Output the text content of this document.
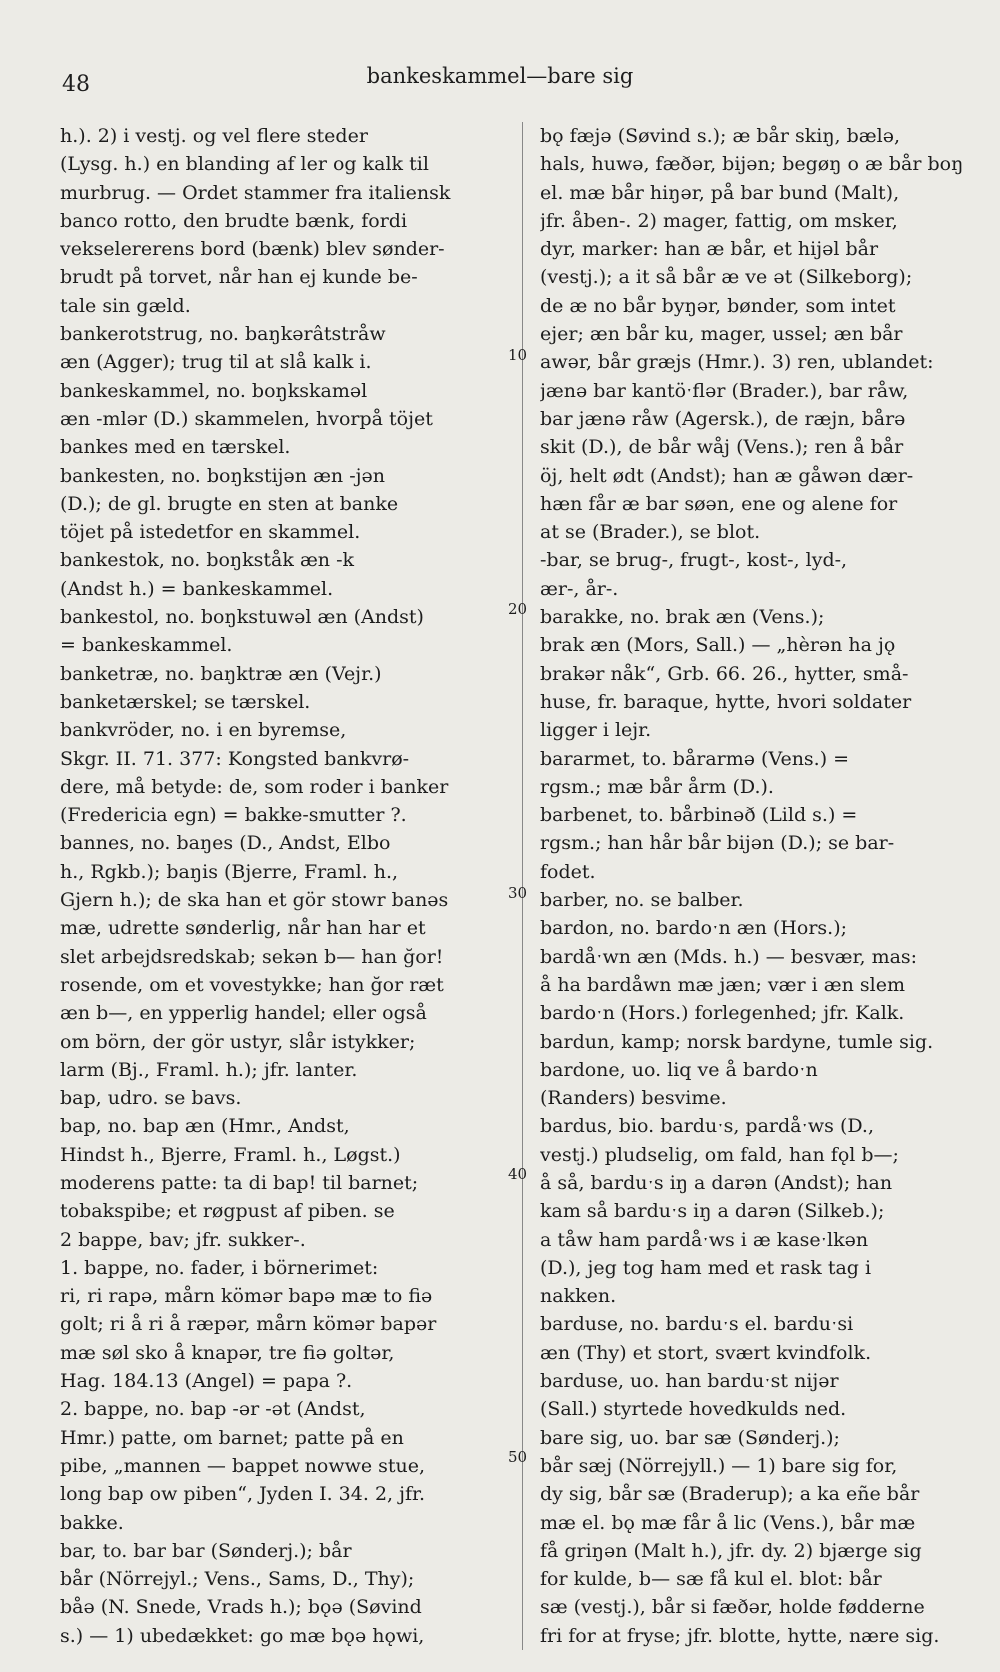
48	bankeskammel—bare sig
h.). 2) i vestj. og vel flere steder
(Lysg. h.) en blanding af ler og kalk til
murbrug. — Ordet stammer fra italiensk
banco rotto, den brudte bænk, fordi
vekselererens bord (bænk) blev sønder-
brudt på torvet, når han ej kunde be-
tale sin gæld.
bankerotstrug, no. baŋkərâtstråw
æn (Agger); trug til at slå kalk i.
bankeskammel, no. boŋkskaməl
æn -mlər (D.) skammelen, hvorpå töjet
bankes med en tærskel.
bankesten, no. boŋkstijən æn -jən
(D.); de gl. brugte en sten at banke
töjet på istedetfor en skammel.
bankestok, no. boŋkståk æn -k
(Andst h.) = bankeskammel.
bankestol, no. boŋkstuwəl æn (Andst)
= bankeskammel.
banketræ, no. baŋktræ æn (Vejr.)
banketærskel; se tærskel.
bankvröder, no. i en byremse,
Skgr. II. 71. 377: Kongsted bankvrø-
dere, må betyde: de, som roder i banker
(Fredericia egn) = bakke-smutter ?.
bannes, no. baŋes (D., Andst, Elbo
h., Rgkb.); baŋis (Bjerre, Framl. h.,
Gjern h.); de ska han et gör stowr banəs
mæ, udrette sønderlig, når han har et
slet arbejdsredskab; sekən b— han ğor!
rosende, om et vovestykke; han ğor ræt
æn b—, en ypperlig handel; eller også
om börn, der gör ustyr, slår istykker;
larm (Bj., Framl. h.); jfr. lanter.
bap, udro. se bavs.
bap, no. bap æn (Hmr., Andst,
Hindst h., Bjerre, Framl. h., Løgst.)
moderens patte: ta di bap! til barnet;
tobakspibe; et røgpust af piben. se
2 bappe, bav; jfr. sukker-.
1. bappe, no. fader, i börnerimet:
ri, ri rapə, mårn kömər bapə mæ to fiə
golt; ri å ri å ræpər, mårn kömər bapər
mæ søl sko å knapər, tre fiə goltər,
Hag. 184.13 (Angel) = papa ?.
2. bappe, no. bap -ər -ət (Andst,
Hmr.) patte, om barnet; patte på en
pibe, „mannen — bappet nowwe stue,
long bap ow piben“, Jyden I. 34. 2, jfr.
bakke.
bar, to. bar bar (Sønderj.); bår
bår (Nörrejyl.; Vens., Sams, D., Thy);
båə (N. Snede, Vrads h.); bǫə (Søvind
s.) — 1) ubedækket: go mæ bǫə hǫwi,
bǫ fæjə (Søvind s.); æ bår skiŋ, bælə,
hals, huwə, fæðər, bijən; begøŋ o æ bår boŋ
el. mæ bår hiŋər, på bar bund (Malt),
jfr. åben-. 2) mager, fattig, om msker,
dyr, marker: han æ bår, et hijəl bår
(vestj.); a it så bår æ ve ət (Silkeborg);
de æ no bår byŋər, bønder, som intet
ejer; æn bår ku, mager, ussel; æn bår
awər, bår græjs (Hmr.). 3) ren, ublandet:
jænə bar kantöˑflər (Brader.), bar råw,
bar jænə råw (Agersk.), de ræjn, bårə
skit (D.), de bår wåj (Vens.); ren å bår
öj, helt ødt (Andst); han æ gåwən dær-
hæn får æ bar søən, ene og alene for
at se (Brader.), se blot.
-bar, se brug-, frugt-, kost-, lyd-,
ær-, år-.
barakke, no. brak æn (Vens.);
brak æn (Mors, Sall.) — „hèrən ha jǫ
brakər nåk“, Grb. 66. 26., hytter, små-
huse, fr. baraque, hytte, hvori soldater
ligger i lejr.
bararmet, to. bårarmə (Vens.) =
rgsm.; mæ bår årm (D.).
barbenet, to. bårbinəð (Lild s.) =
rgsm.; han hår bår bijən (D.); se bar-
fodet.
barber, no. se balber.
bardon, no. bardoˑn æn (Hors.);
bardåˑwn æn (Mds. h.) — besvær, mas:
å ha bardåwn mæ jæn; vær i æn slem
bardoˑn (Hors.) forlegenhed; jfr. Kalk.
bardun, kamp; norsk bardyne, tumle sig.
bardone, uo. liq ve å bardoˑn
(Randers) besvime.
bardus, bio. barduˑs, pardåˑws (D.,
vestj.) pludselig, om fald, han fǫl b—;
å så, barduˑs iŋ a darən (Andst); han
kam så barduˑs iŋ a darən (Silkeb.);
a tåw ham pardåˑws i æ kaseˑlkən
(D.), jeg tog ham med et rask tag i
nakken.
barduse, no. barduˑs el. barduˑsi
æn (Thy) et stort, svært kvindfolk.
barduse, uo. han barduˑst nijər
(Sall.) styrtede hovedkulds ned.
bare sig, uo. bar sæ (Sønderj.);
bår sæj (Nörrejyll.) — 1) bare sig for,
dy sig, bår sæ (Braderup); a ka eñe bår
mæ el. bǫ mæ får å lic (Vens.), bår mæ
få griŋən (Malt h.), jfr. dy. 2) bjærge sig
for kulde, b— sæ få kul el. blot: bår
sæ (vestj.), bår si fæðər, holde fødderne
fri for at fryse; jfr. blotte, hytte, nære sig.
10
20
30
40
50
